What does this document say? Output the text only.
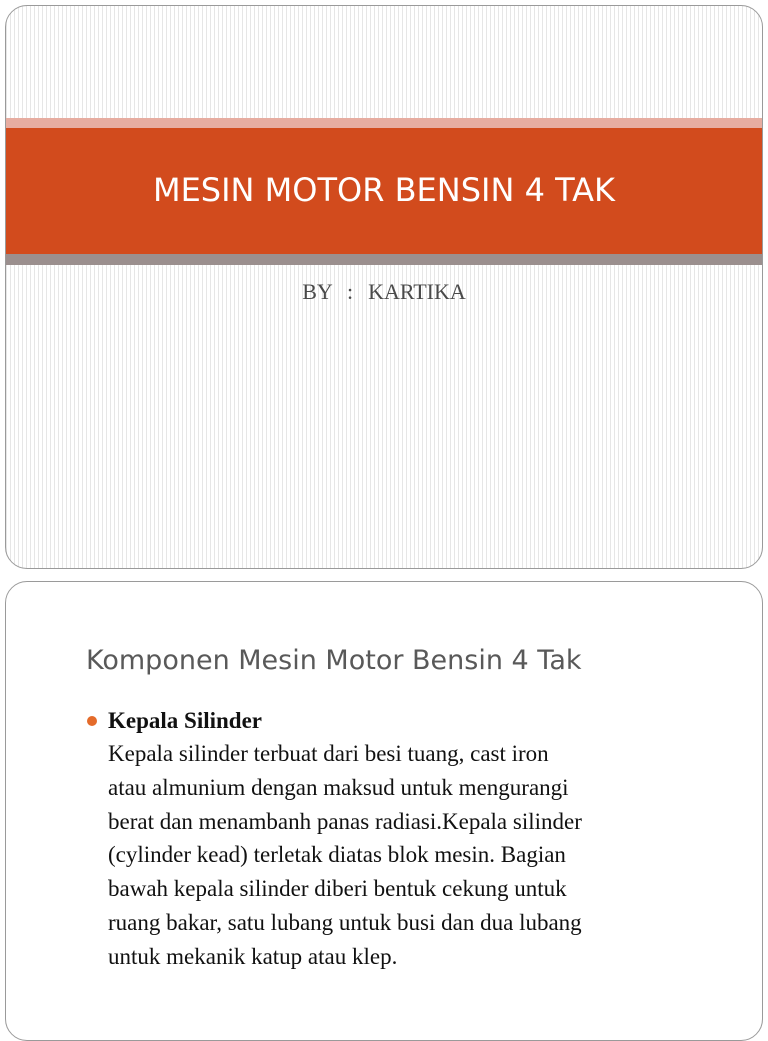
MESIN MOTOR BENSIN 4 TAK
BY  :  KARTIKA
Komponen Mesin Motor Bensin 4 Tak
Kepala Silinder
Kepala silinder terbuat dari besi tuang, cast iron
atau almunium dengan maksud untuk mengurangi
berat dan menambanh panas radiasi.Kepala silinder
(cylinder kead) terletak diatas blok mesin. Bagian
bawah kepala silinder diberi bentuk cekung untuk
ruang bakar, satu lubang untuk busi dan dua lubang
untuk mekanik katup atau klep.
